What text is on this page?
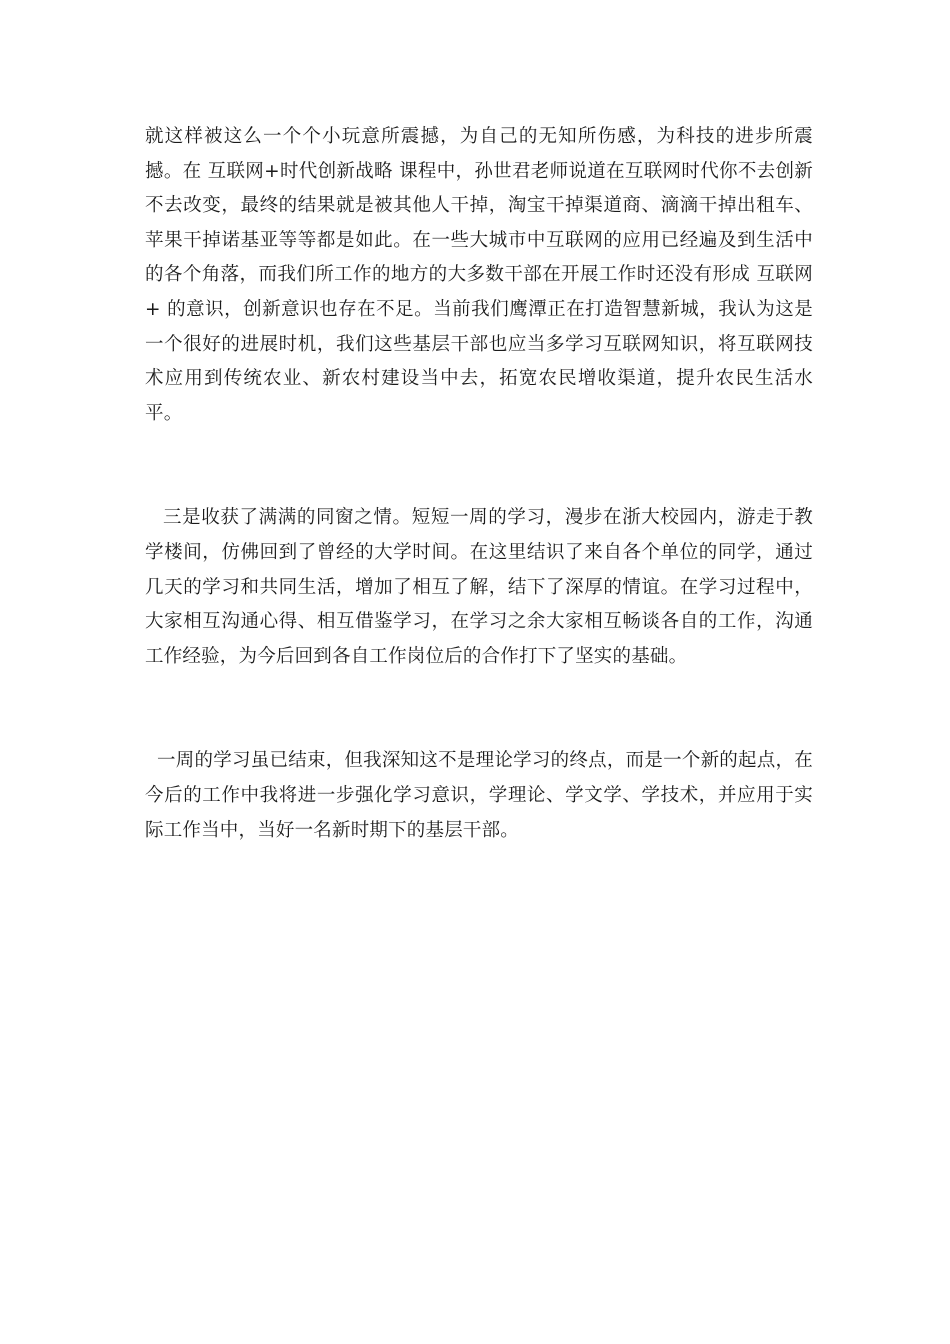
就这样被这么一个个小玩意所震撼，为自己的无知所伤感，为科技的进步所震撼。在 互联网+时代创新战略 课程中，孙世君老师说道在互联网时代你不去创新不去改变，最终的结果就是被其他人干掉，淘宝干掉渠道商、滴滴干掉出租车、苹果干掉诺基亚等等都是如此。在一些大城市中互联网的应用已经遍及到生活中的各个角落，而我们所工作的地方的大多数干部在开展工作时还没有形成 互联网+ 的意识，创新意识也存在不足。当前我们鹰潭正在打造智慧新城，我认为这是一个很好的进展时机，我们这些基层干部也应当多学习互联网知识，将互联网技术应用到传统农业、新农村建设当中去，拓宽农民增收渠道，提升农民生活水平。

三是收获了满满的同窗之情。短短一周的学习，漫步在浙大校园内，游走于教学楼间，仿佛回到了曾经的大学时间。在这里结识了来自各个单位的同学，通过几天的学习和共同生活，增加了相互了解，结下了深厚的情谊。在学习过程中，大家相互沟通心得、相互借鉴学习，在学习之余大家相互畅谈各自的工作，沟通工作经验，为今后回到各自工作岗位后的合作打下了坚实的基础。

一周的学习虽已结束，但我深知这不是理论学习的终点，而是一个新的起点，在今后的工作中我将进一步强化学习意识，学理论、学文学、学技术，并应用于实际工作当中，当好一名新时期下的基层干部。
